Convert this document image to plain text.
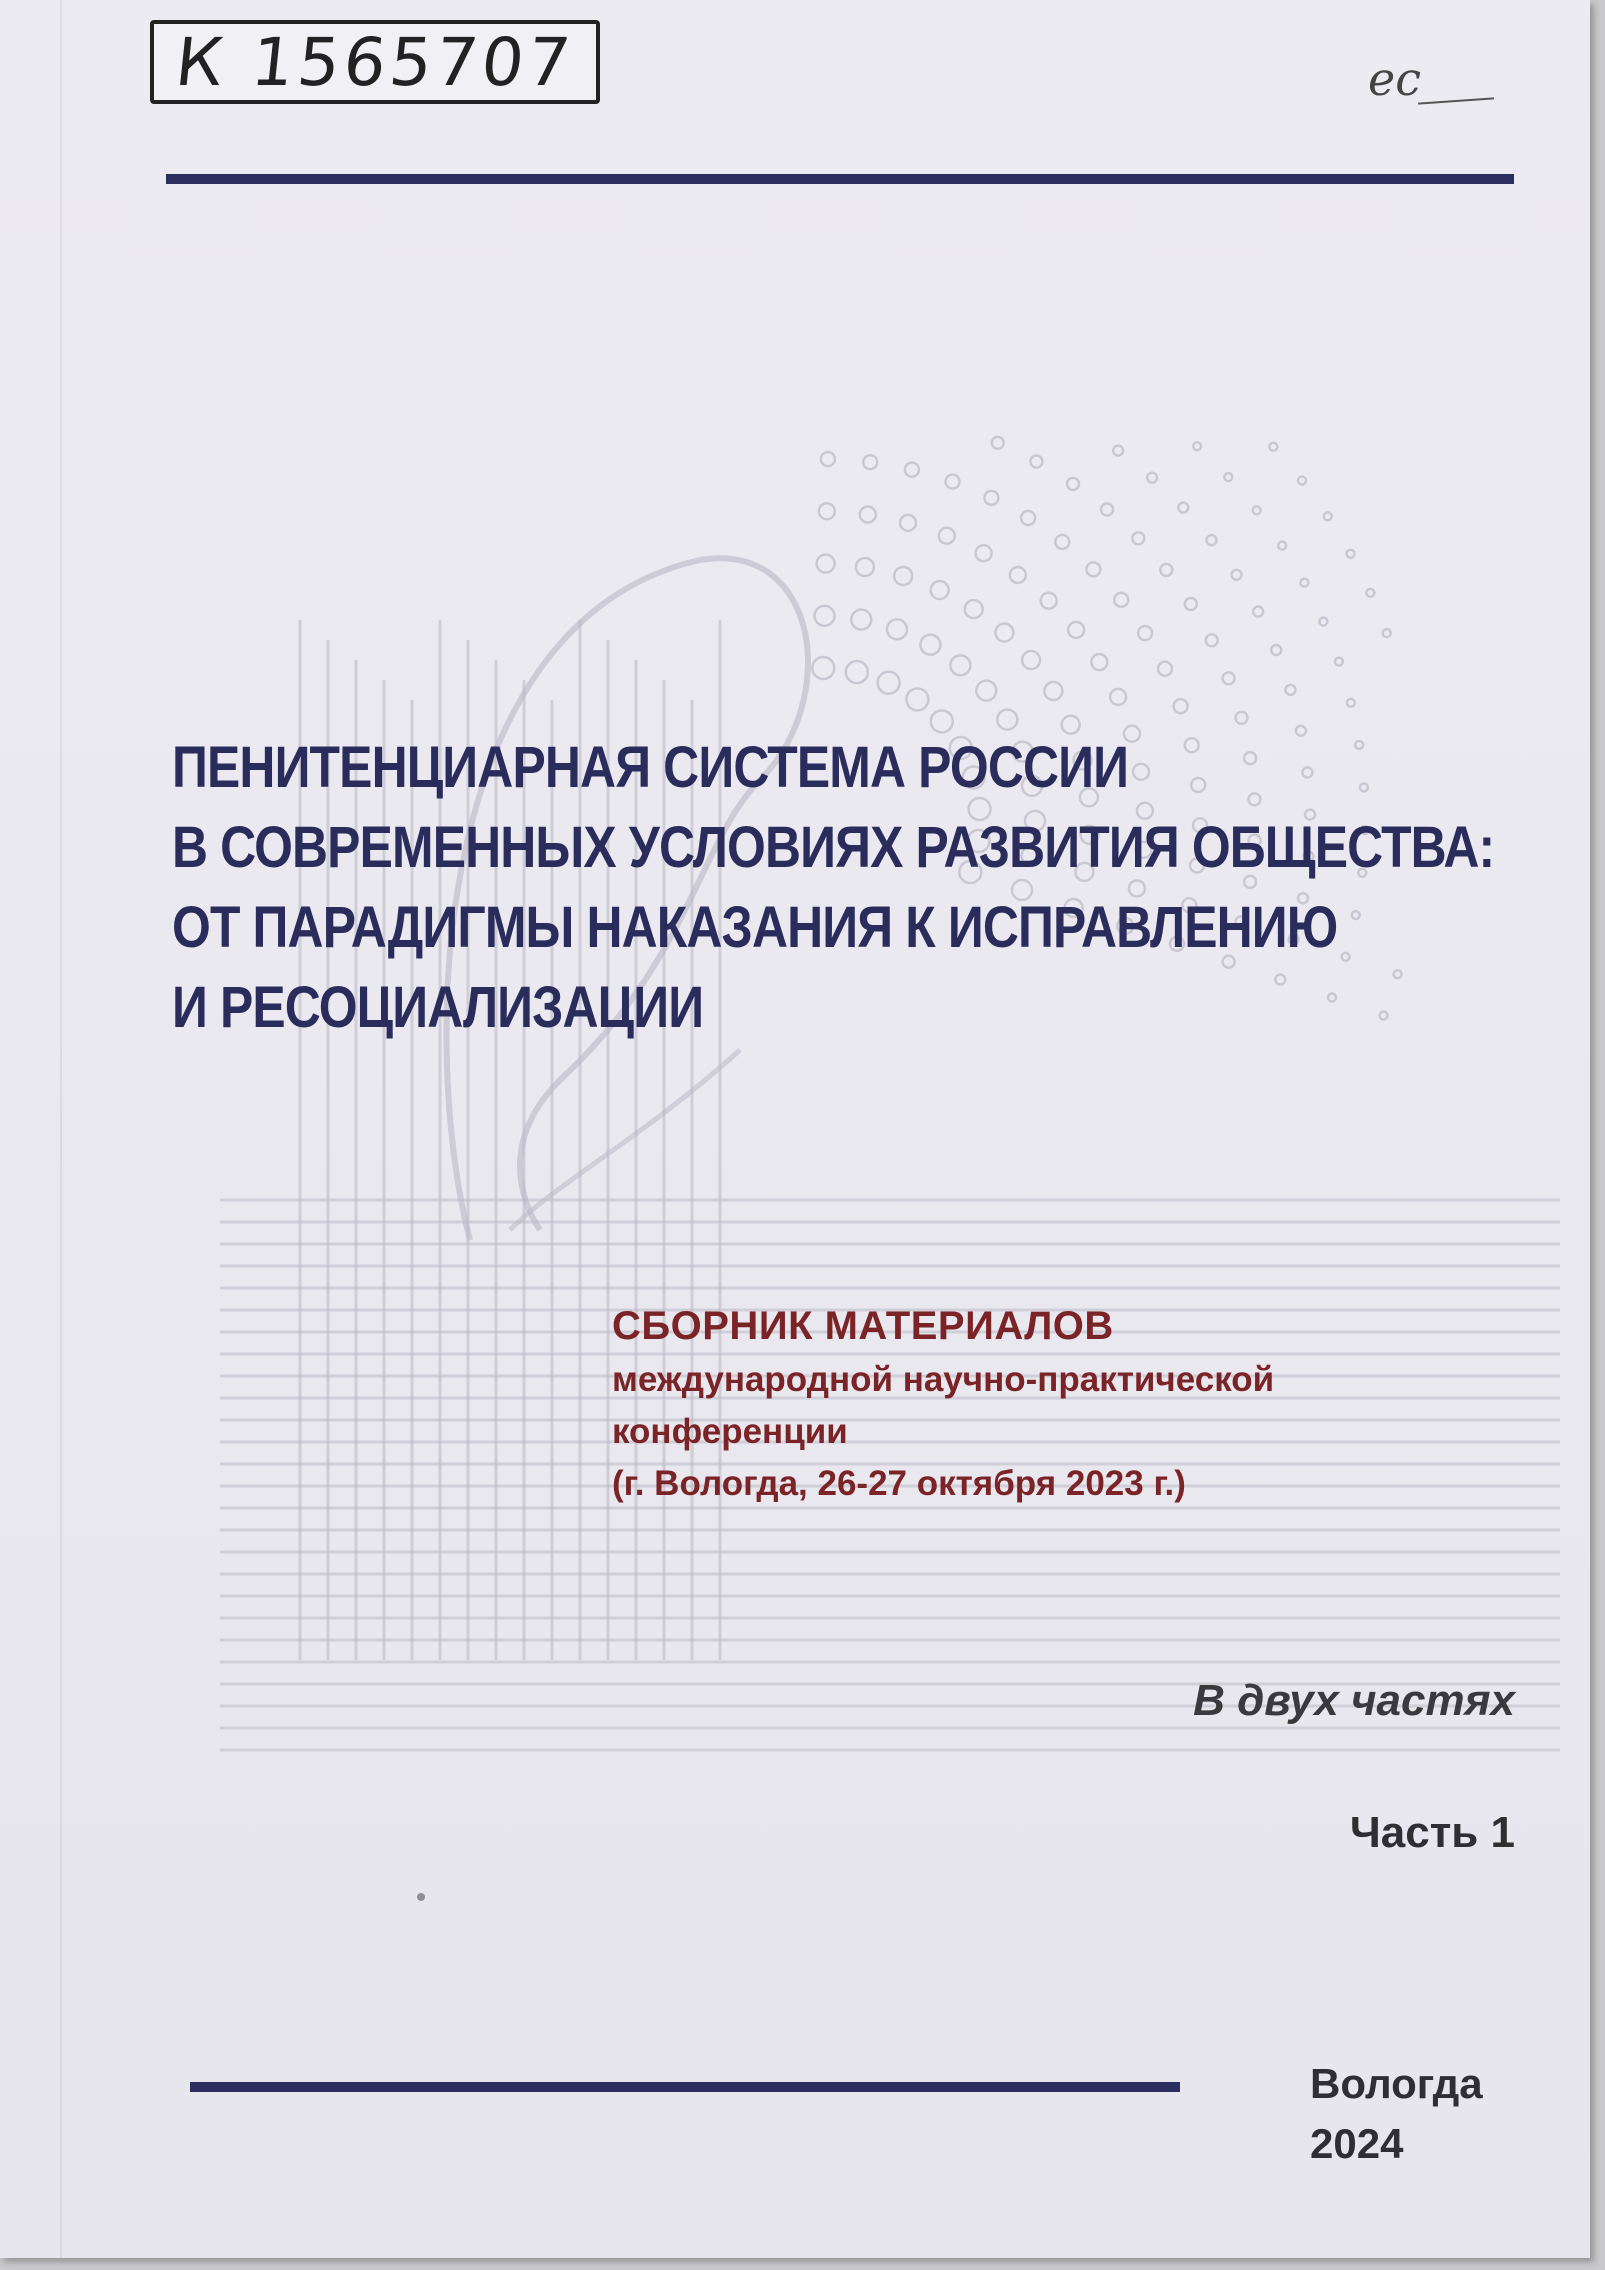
К 1565707	ec
ПЕНИТЕНЦИАРНАЯ СИСТЕМА РОССИИ
В СОВРЕМЕННЫХ УСЛОВИЯХ РАЗВИТИЯ ОБЩЕСТВА:
ОТ ПАРАДИГМЫ НАКАЗАНИЯ К ИСПРАВЛЕНИЮ
И РЕСОЦИАЛИЗАЦИИ
СБОРНИК МАТЕРИАЛОВ
международной научно-практической
конференции
(г. Вологда, 26-27 октября 2023 г.)
В двух частях
Часть 1
Вологда
2024
